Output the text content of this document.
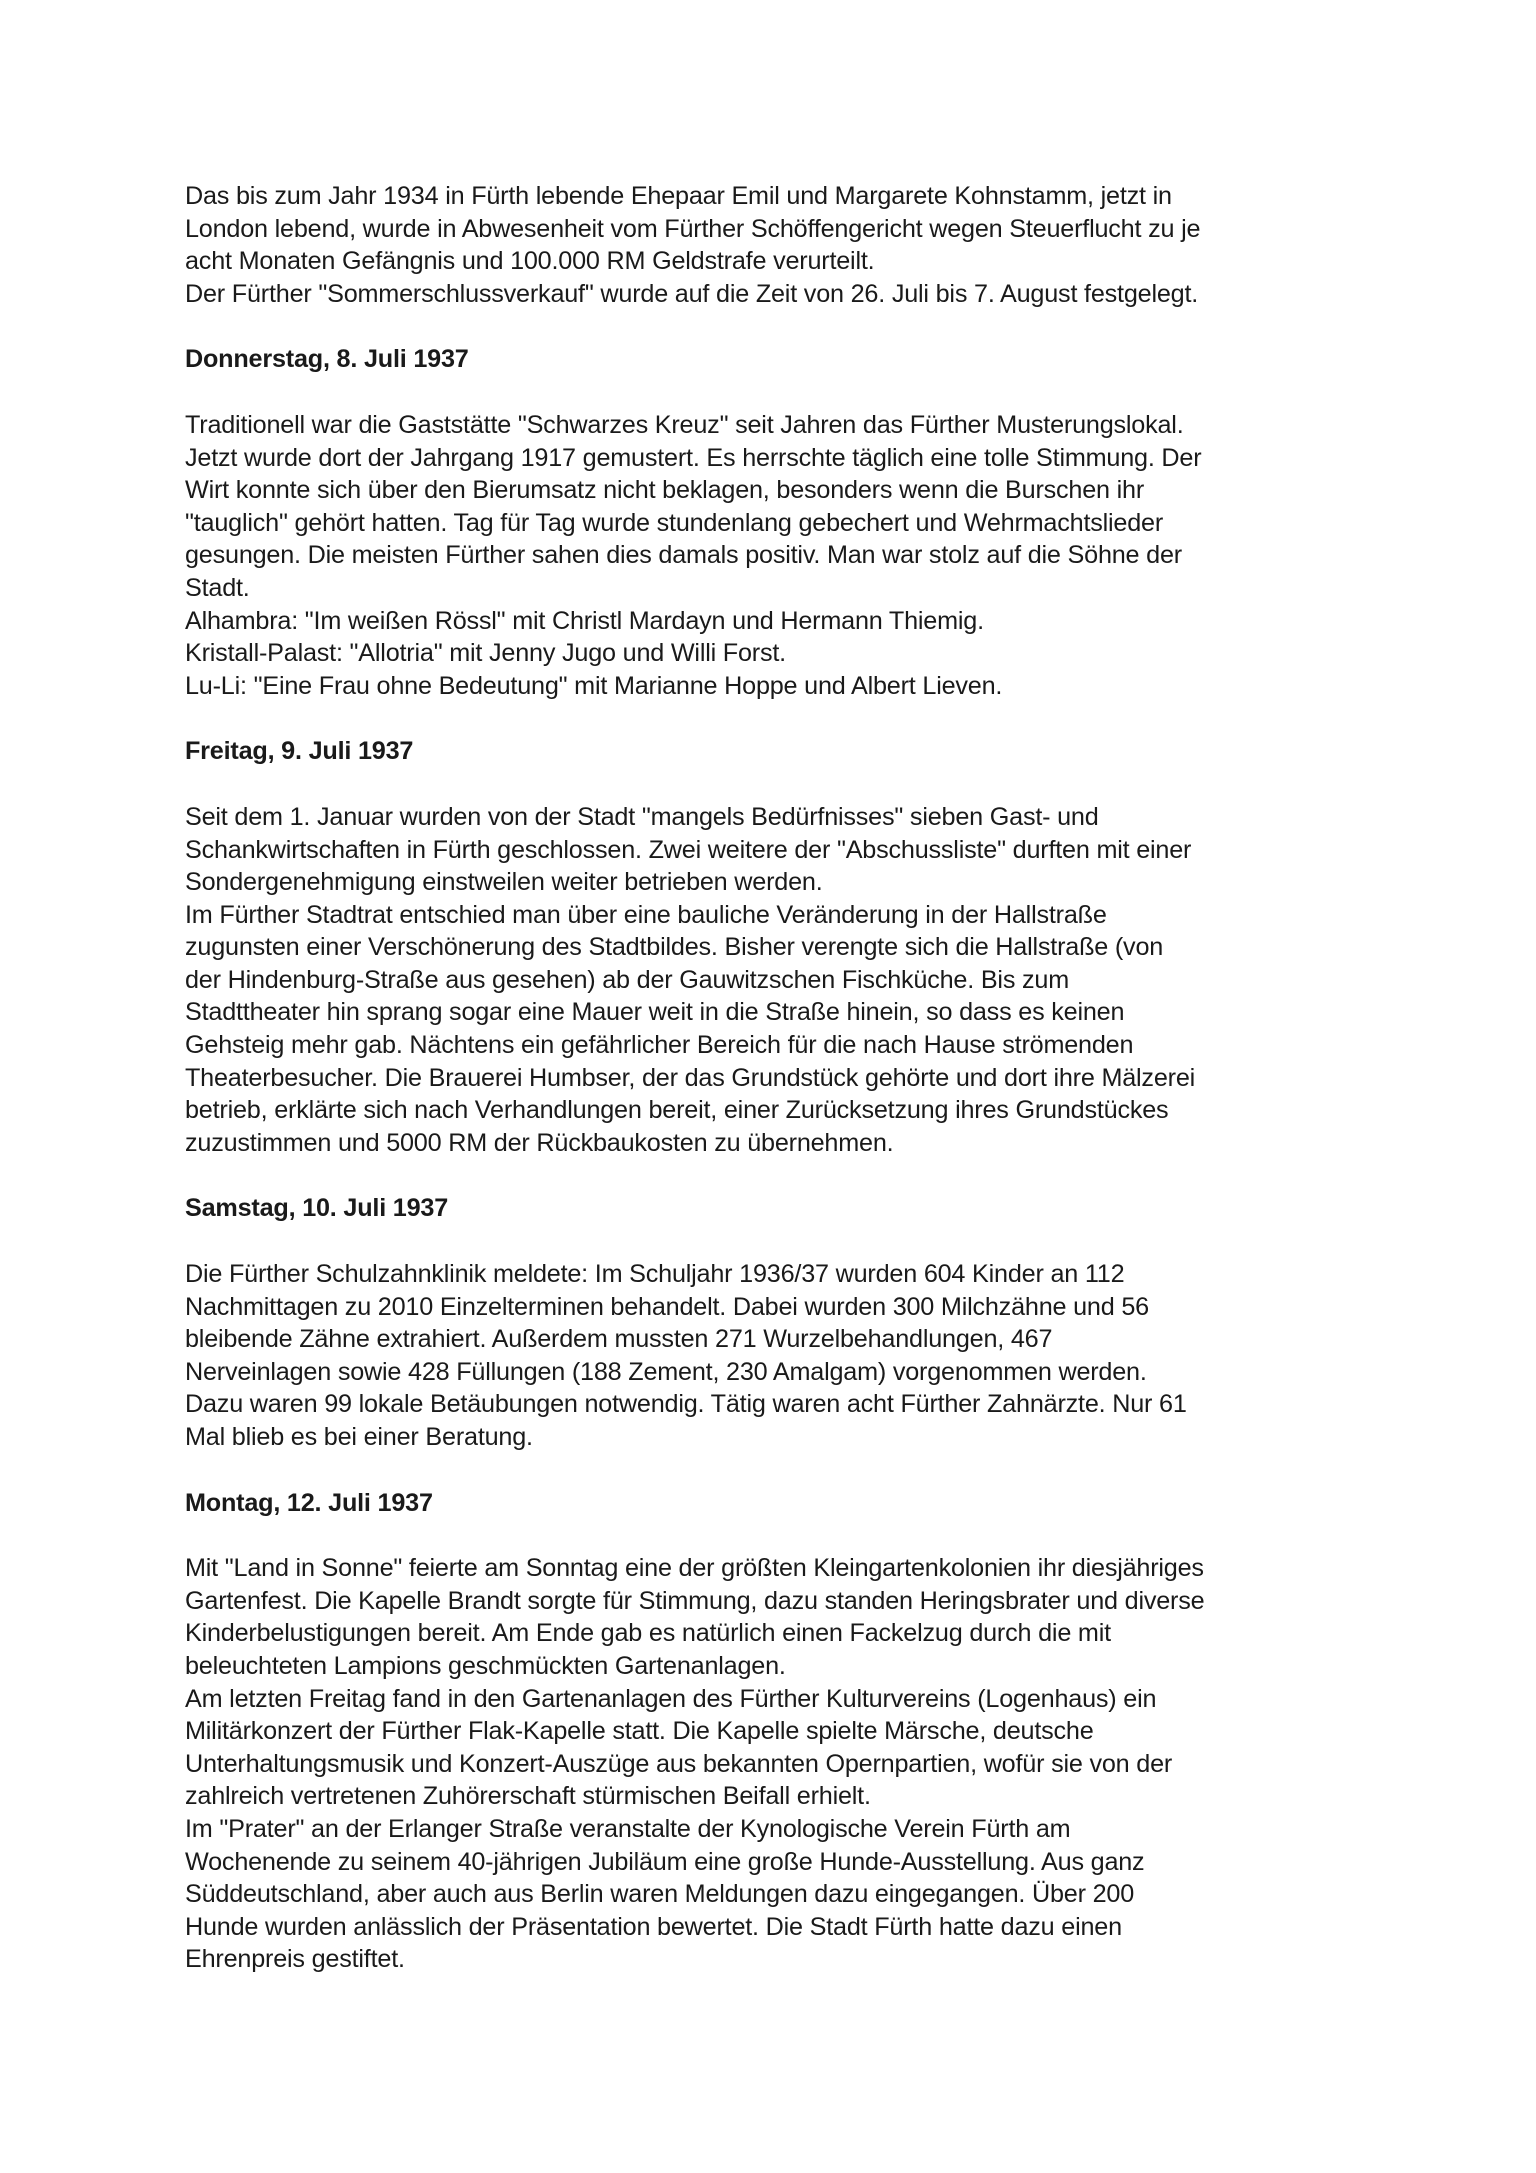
Das bis zum Jahr 1934 in Fürth lebende Ehepaar Emil und Margarete Kohnstamm, jetzt in
London lebend, wurde in Abwesenheit vom Fürther Schöffengericht wegen Steuerflucht zu je
acht Monaten Gefängnis und 100.000 RM Geldstrafe verurteilt.
Der Fürther "Sommerschlussverkauf" wurde auf die Zeit von 26. Juli bis 7. August festgelegt.

Donnerstag, 8. Juli 1937

Traditionell war die Gaststätte "Schwarzes Kreuz" seit Jahren das Fürther Musterungslokal.
Jetzt wurde dort der Jahrgang 1917 gemustert. Es herrschte täglich eine tolle Stimmung. Der
Wirt konnte sich über den Bierumsatz nicht beklagen, besonders wenn die Burschen ihr
"tauglich" gehört hatten. Tag für Tag wurde stundenlang gebechert und Wehrmachtslieder
gesungen. Die meisten Fürther sahen dies damals positiv. Man war stolz auf die Söhne der
Stadt.
Alhambra: "Im weißen Rössl" mit Christl Mardayn und Hermann Thiemig.
Kristall-Palast: "Allotria" mit Jenny Jugo und Willi Forst.
Lu-Li: "Eine Frau ohne Bedeutung" mit Marianne Hoppe und Albert Lieven.

Freitag, 9. Juli 1937

Seit dem 1. Januar wurden von der Stadt "mangels Bedürfnisses" sieben Gast- und
Schankwirtschaften in Fürth geschlossen. Zwei weitere der "Abschussliste" durften mit einer
Sondergenehmigung einstweilen weiter betrieben werden.
Im Fürther Stadtrat entschied man über eine bauliche Veränderung in der Hallstraße
zugunsten einer Verschönerung des Stadtbildes. Bisher verengte sich die Hallstraße (von
der Hindenburg-Straße aus gesehen) ab der Gauwitzschen Fischküche. Bis zum
Stadttheater hin sprang sogar eine Mauer weit in die Straße hinein, so dass es keinen
Gehsteig mehr gab. Nächtens ein gefährlicher Bereich für die nach Hause strömenden
Theaterbesucher. Die Brauerei Humbser, der das Grundstück gehörte und dort ihre Mälzerei
betrieb, erklärte sich nach Verhandlungen bereit, einer Zurücksetzung ihres Grundstückes
zuzustimmen und 5000 RM der Rückbaukosten zu übernehmen.

Samstag, 10. Juli 1937

Die Fürther Schulzahnklinik meldete: Im Schuljahr 1936/37 wurden 604 Kinder an 112
Nachmittagen zu 2010 Einzelterminen behandelt. Dabei wurden 300 Milchzähne und 56
bleibende Zähne extrahiert. Außerdem mussten 271 Wurzelbehandlungen, 467
Nerveinlagen sowie 428 Füllungen (188 Zement, 230 Amalgam) vorgenommen werden.
Dazu waren 99 lokale Betäubungen notwendig. Tätig waren acht Fürther Zahnärzte. Nur 61
Mal blieb es bei einer Beratung.

Montag, 12. Juli 1937

Mit "Land in Sonne" feierte am Sonntag eine der größten Kleingartenkolonien ihr diesjähriges
Gartenfest. Die Kapelle Brandt sorgte für Stimmung, dazu standen Heringsbrater und diverse
Kinderbelustigungen bereit. Am Ende gab es natürlich einen Fackelzug durch die mit
beleuchteten Lampions geschmückten Gartenanlagen.
Am letzten Freitag fand in den Gartenanlagen des Fürther Kulturvereins (Logenhaus) ein
Militärkonzert der Fürther Flak-Kapelle statt. Die Kapelle spielte Märsche, deutsche
Unterhaltungsmusik und Konzert-Auszüge aus bekannten Opernpartien, wofür sie von der
zahlreich vertretenen Zuhörerschaft stürmischen Beifall erhielt.
Im "Prater" an der Erlanger Straße veranstalte der Kynologische Verein Fürth am
Wochenende zu seinem 40-jährigen Jubiläum eine große Hunde-Ausstellung. Aus ganz
Süddeutschland, aber auch aus Berlin waren Meldungen dazu eingegangen. Über 200
Hunde wurden anlässlich der Präsentation bewertet. Die Stadt Fürth hatte dazu einen
Ehrenpreis gestiftet.
